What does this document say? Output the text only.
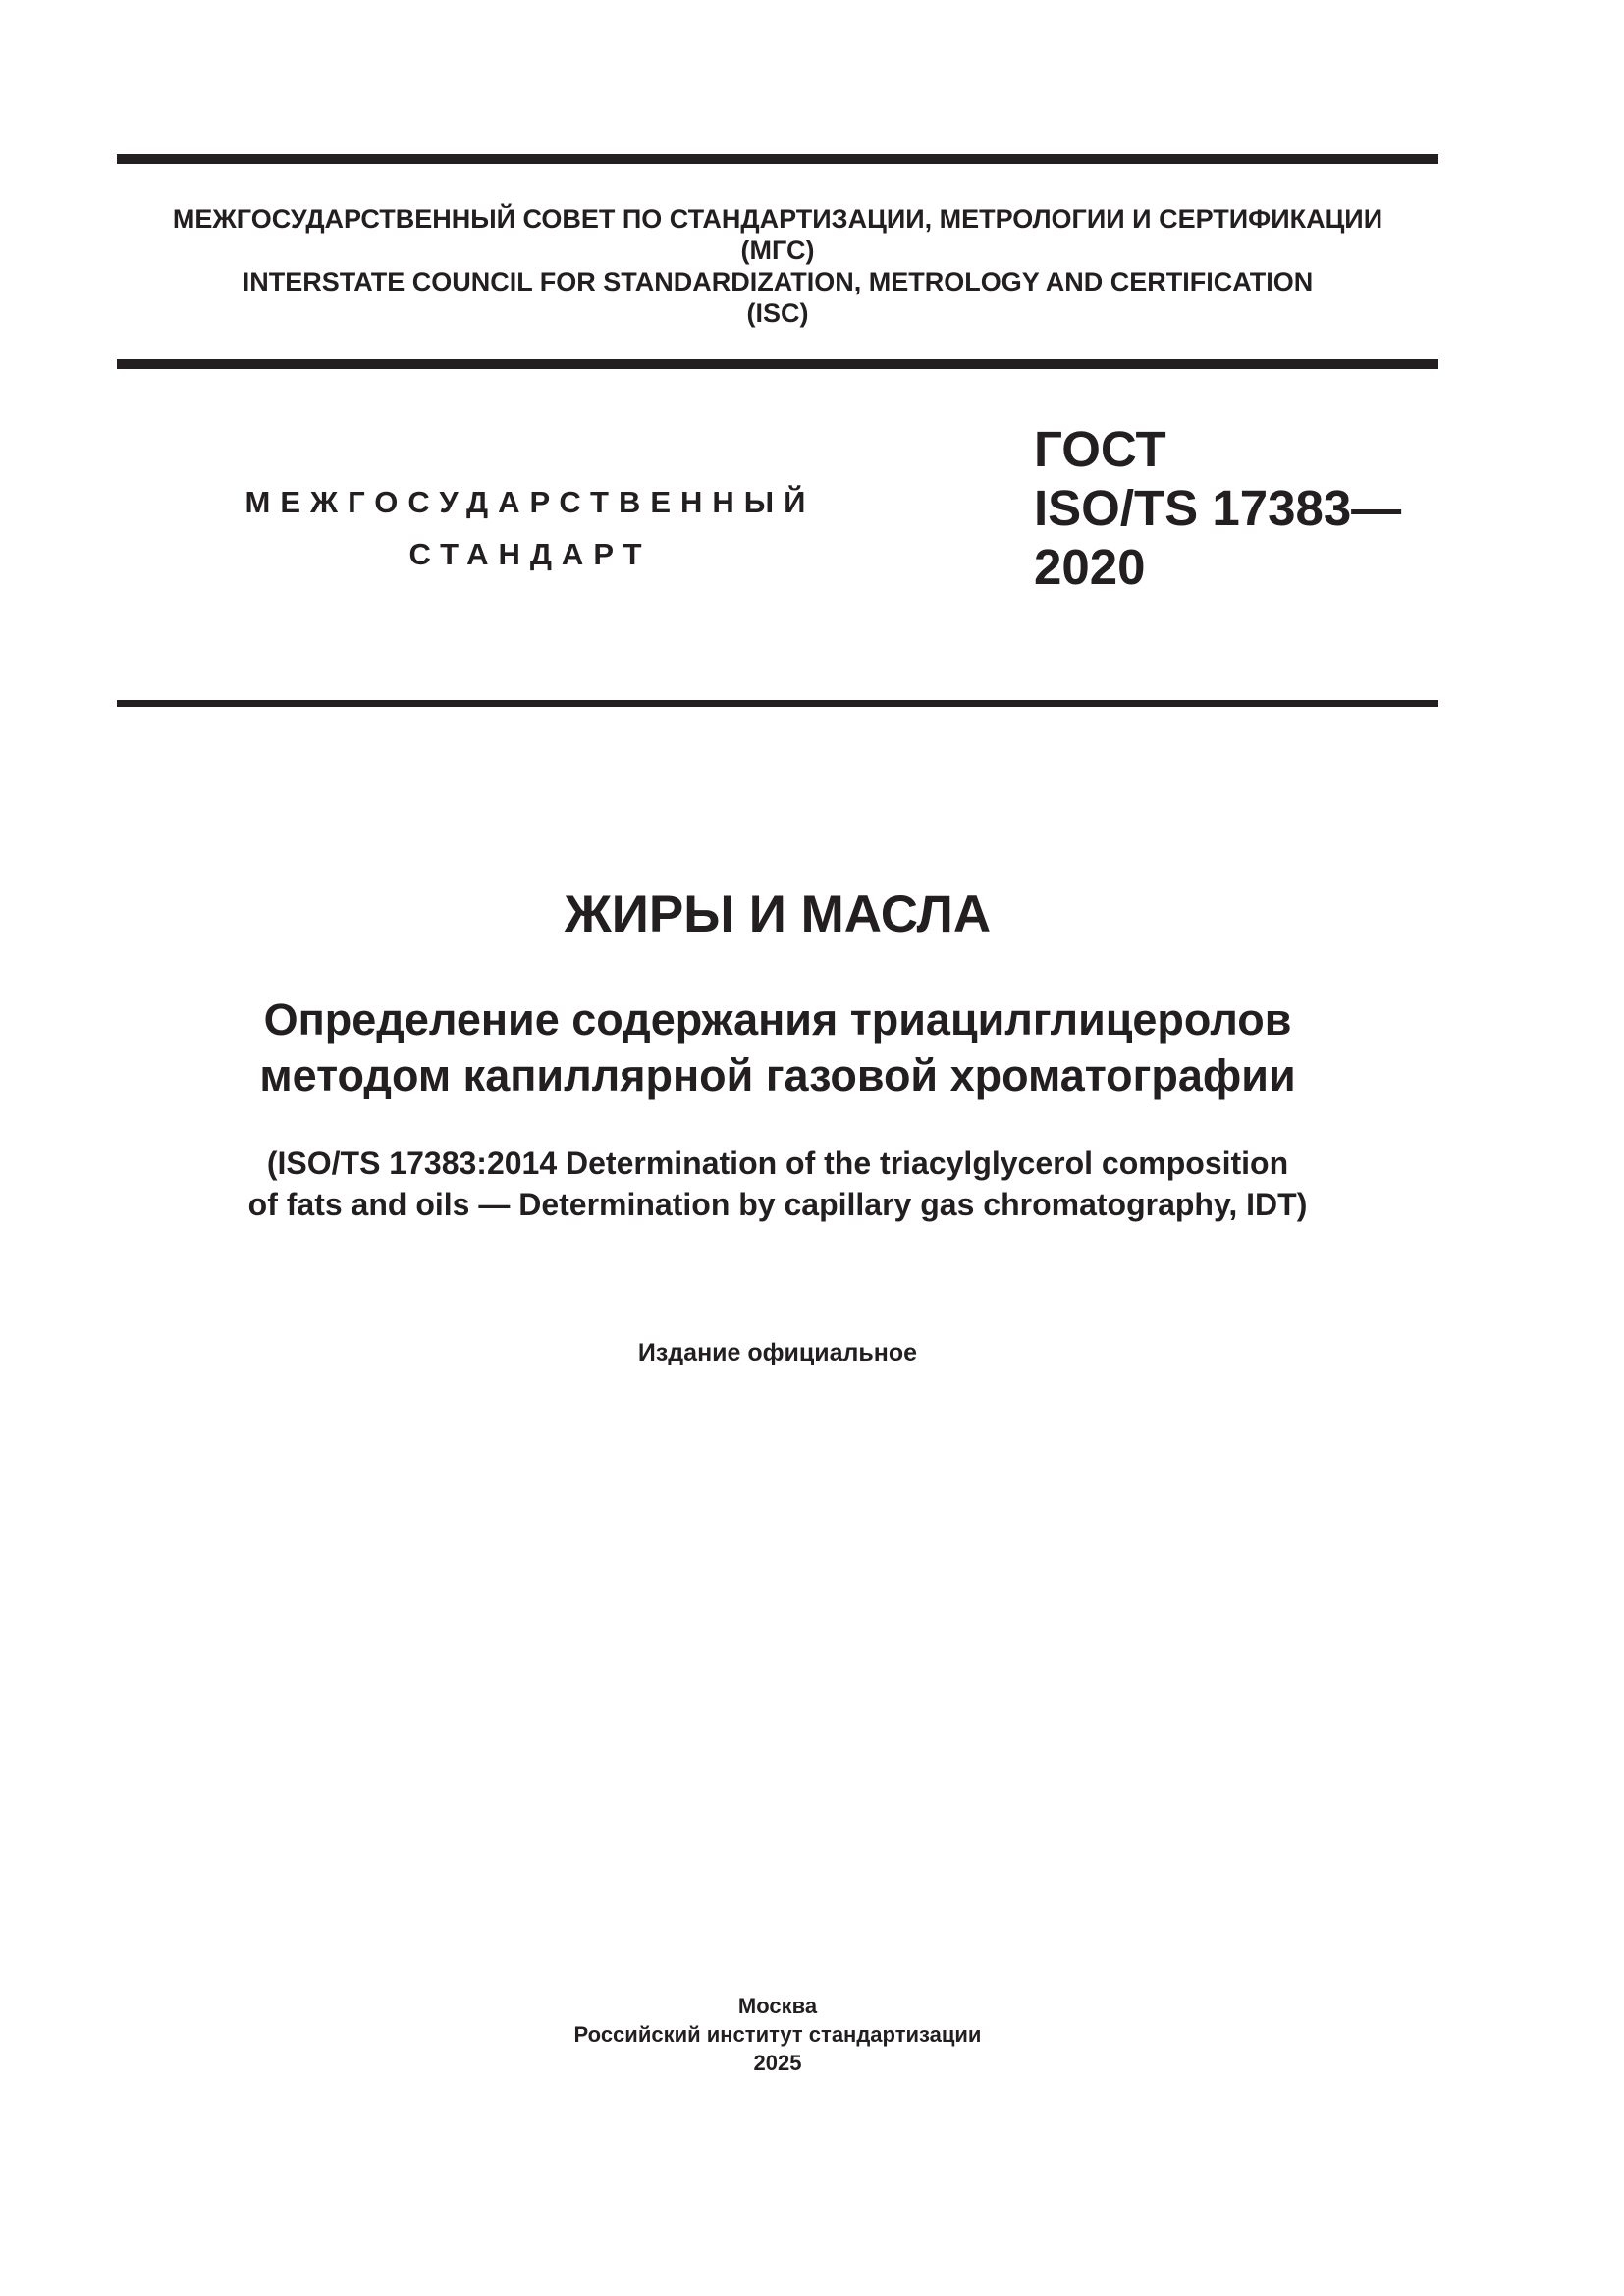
МЕЖГОСУДАРСТВЕННЫЙ СОВЕТ ПО СТАНДАРТИЗАЦИИ, МЕТРОЛОГИИ И СЕРТИФИКАЦИИ
(МГС)
INTERSTATE COUNCIL FOR STANDARDIZATION, METROLOGY AND CERTIFICATION
(ISC)
МЕЖГОСУДАРСТВЕННЫЙ
СТАНДАРТ
ГОСТ
ISO/TS 17383—
2020
ЖИРЫ И МАСЛА
Определение содержания триацилглицеролов
методом капиллярной газовой хроматографии
(ISO/TS 17383:2014 Determination of the triacylglycerol composition
of fats and oils — Determination by capillary gas chromatography, IDT)
Издание официальное
Москва
Российский институт стандартизации
2025
